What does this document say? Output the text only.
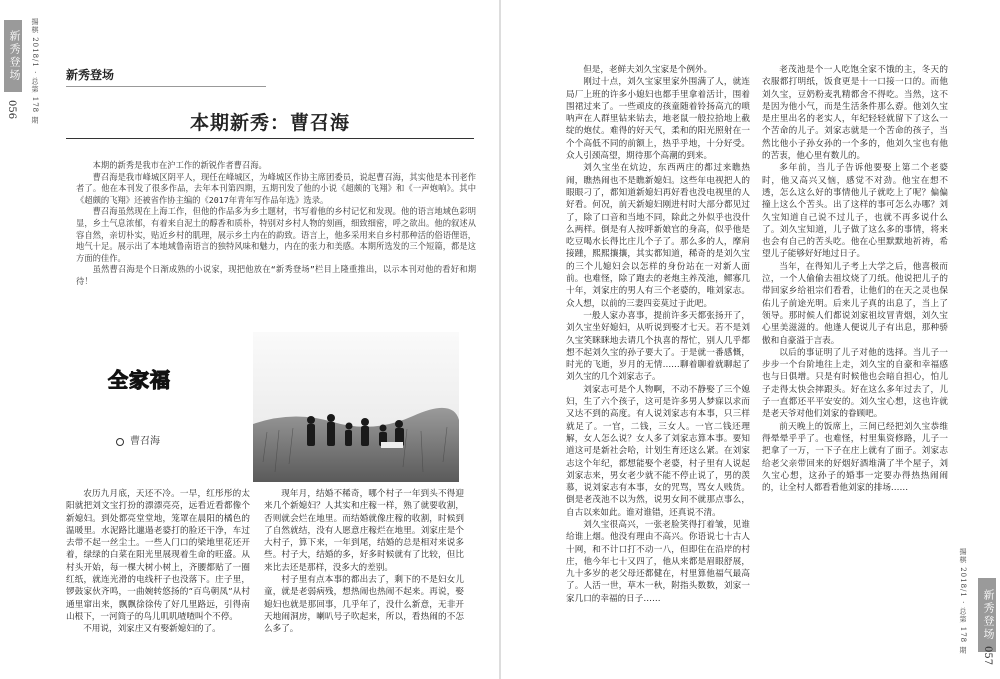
新秀登场 揚棋 2018/1 · 总第 178 期
056
新秀登场
本期新秀：曹召海

本期的新秀是我市在沪工作的新锐作者曹召海。

曹召海是我市峰城区阴平人，现任在峰城区，为峰城区作协主席团委员，说起曹召海，其实他是本刊老作者了。他在本刊发了很多作品，去年本刊第四期，五期刊发了他的小说《超颇的飞翔》和《一声炮响》。其中《超颇的飞翔》还被省作协主编的《2017年青年写作品年选》选录。

曹召海虽然现在上海工作，但他的作品多为乡土题材，书写着他的乡村记忆和发现。他的语言地域色彩明显，乡土气息浓郁，有着来自泥土的醇香和质朴，特别对乡村人物的刻画，细致细密，呼之欲出。他的叙述从容自然，亲切朴实，贴近乡村的肌理，展示乡土内在的韵致。语言上，他多采用来自乡村那种活的俗语俚语，地气十足。展示出了本地域鲁南语言的独特风味和魅力，内在的张力和美感。本期所选发的三个短篇，都是这方面的佳作。

虽然曹召海是个日渐成熟的小说家，现把他放在“新秀登场”栏目上隆重推出，以示本刊对他的看好和期待！

全家福
曹召海

农历九月底，天还不冷。一早，红彤彤的太阳就把刘文宝打扮的漂漂亮亮，远看近看都像个新媳妇。到处都亮堂堂地，笼罩在晨阳的橘色的温暖里。水泥路比邋遢老婆打的脸还干净，车过去带不起一丝尘土。一些人门口的梁地里花还开着，绿绿的白菜在阳光里展现着生命的旺盛。从村头开始，每一棵大树小树上，齐腰都贴了一圈红纸，就连光滑的电线杆子也没落下。庄子里，锣鼓家伙齐鸣，一曲婉转悠扬的“百鸟朝凤”从村通里窜出来，飘飘徐徐传了好几里路远，引得南山根下，一河筒子的鸟儿叽叽喳喳叫个不停。

不用说，刘家庄又有娶新媳妇的了。

现年月，结婚不稀奇，哪个村子一年到头不得迎来几个新媳妇？人其实和庄稼一样，熟了就要收割，否则就会烂在地里。而结婚就像庄稼的收割，时候到了自然就结，没有人愿意庄稼烂在地里。刘家庄是个大村子，算下来，一年到尾，结婚的总是相对来说多些。村子大，结婚的多，好多时候就有了比较，但比来比去还是那样，没多大的差别。

村子里有点本事的都出去了，剩下的不是妇女儿童，就是老弱病残，想热闹也热闹不起来。再说，娶媳妇也就是那回事，几乎年了，没什么新意，无非开天地闹洞房，喇叭号子吹起来，所以，看热闹的不怎么多了。

但是，老鲜夫刘久宝家是个例外。

刚过十点，刘久宝家里家外围满了人，就连局厂上班的许多小媳妇也都手里拿着活计，围着围裙过来了。一些顽皮的孩童随着铃扬高亢的唢呐声在人群里钻来钻去，地老鼠一般拉拾地上截绽的炮仗。难得的好天气，柔和的阳光照射在一个个高低不同的前额上，热乎乎地，十分好受。众人引颈高望，期待那个高潮的到来。

刘久宝坐在炕边，东西两庄的都过来瞧热闹，瞧热闹也不是瞧新媳妇。这些年电视把人的眼眼刁了，都知道新媳妇再好看也没电视里的人好看。何况，前天新媳妇刚进村时大部分都见过了，除了口音和当地不同，除此之外似乎也没什么两样。倒是有人按呼新娘官的身高，似乎他是吃豆喝水长得比庄儿个子了。那么多的人，摩肩接踵，熙熙攘攘，其实都知道，稀奇的是刘久宝的三个儿媳妇会以怎样的身份站在一对新人面前。也难怪，除了跑去的老炮主养茂池，鳏寡几十年，刘家庄的男人有三个老婆的，唯刘家志。众人想，以前的三妻四妾莫过于此吧。

一般人家办喜事，提前许多天都张扬开了，刘久宝坐好媳妇，从听说到娶才七天。若不是刘久宝笑眯眯地去请几个执喜的帮忙，别人几乎都想不起刘久宝的孙子要大了。于是就一番感慨，时光的飞逝，岁月的无情……聊着聊着就聊起了刘久宝的几个刘家志子。

刘家志可是个人物啊，不动不静娶了三个媳妇，生了六个孩子，这可是许多男人梦寐以求而又达不到的高度。有人说刘家志有本事，只三样就足了。一官，二钱，三女人。一官二钱还理解，女人怎么说？女人多了刘家志算本事。要知道这可是新社会哈，计划生育还这么紧。在刘家志这个年纪，都想能娶个老婆，村子里有人说起刘家志来，男女老少就不能不停止说了，男的羡慕，说刘家志有本事，女的咒骂，骂女人贱货。倒是老茂池不以为然，说男女间不就那点事么，自古以来如此。谁对谁错，还真说不清。

刘久宝很高兴，一张老脸笑得打着皱，见谁给谁上烟。他没有理由不高兴。你语说七十古人十网，和不计口打不动一八，但即住在沿岸的村庄，他今年七十又四了，他从来都是眉眼舒展，九十多岁的老父母还都健在，村里算他福气最高了。人活一世，草木一秋，附指头数数，刘家一家几口的幸福的日子……

老茂池是个一人吃饱全家不饿的主，冬天的衣服都打明纸，饭食更是十一口接一口的。而他刘久宝，豆奶粉麦乳精都舍不得吃。当然，这不是因为他小气，而是生活条件那么孬。他刘久宝是庄里出名的老实人，年纪轻轻就留下了这么一个苦命的儿子。刘家志就是一个苦命的孩子，当然比他小子孙女孙的一个多的，他刘久宝也有他的苦衷，他心里有数儿的。

多年前，当儿子告诉他要娶上第二个老婆时，他又高兴又恼，感觉不对劲。他宝在想不透，怎么这么好的事情他儿子就吃上了呢？偏偏撞上这么个苦头。出了这样的事可怎么办哪？刘久宝知道自己说不过儿子，也就不再多说什么了。刘久宝知道，儿子做了这么多的事情，将来也会有自己的苦头吃。他在心里默默地祈祷，希望儿子能够好好地过日子。

当年，在得知儿子考上大学之后，他喜极而泣，一个人偷偷去祖坟烧了刀纸。他说把儿子的带回家乡给祖宗们看看，让他们的在天之灵也保佑儿子前途光明。后来儿子真的出息了，当上了领导。那时候人们都说刘家祖坟冒青烟，刘久宝心里美滋滋的。他逢人便说儿子有出息，那种骄傲和自豪溢于言表。

以后的事证明了儿子对他的选择。当儿子一步步一个台阶地往上走，刘久宝的自豪和幸福感也与日俱增。只是有时候他也会暗自担心，怕儿子走得太快会摔跟头。好在这么多年过去了，儿子一直都还平平安安的。刘久宝心想，这也许就是老天爷对他们刘家的眷顾吧。

前天晚上的饭席上，三间已经把刘久宝恭维得晕晕乎乎了。也难怪，村里集资修路，儿子一把拿了一万，一下子在庄上就有了面子。刘家志给老父亲带回来的好烟好酒堆满了半个屋子，刘久宝心想，这孙子的婚事一定要办得热热闹闹的，让全村人都看看他刘家的排场……

揚棋 2018/1 · 总第 178 期	新秀登场
057
